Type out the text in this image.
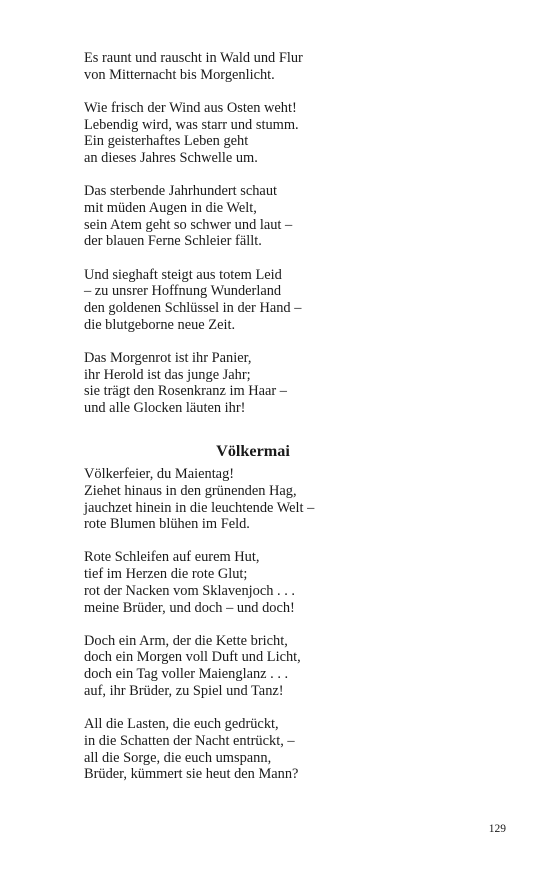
Es raunt und rauscht in Wald und Flur
von Mitternacht bis Morgenlicht.
Wie frisch der Wind aus Osten weht!
Lebendig wird, was starr und stumm.
Ein geisterhaftes Leben geht
an dieses Jahres Schwelle um.
Das sterbende Jahrhundert schaut
mit müden Augen in die Welt,
sein Atem geht so schwer und laut –
der blauen Ferne Schleier fällt.
Und sieghaft steigt aus totem Leid
– zu unsrer Hoffnung Wunderland
den goldenen Schlüssel in der Hand –
die blutgeborne neue Zeit.
Das Morgenrot ist ihr Panier,
ihr Herold ist das junge Jahr;
sie trägt den Rosenkranz im Haar –
und alle Glocken läuten ihr!
Völkermai
Völkerfeier, du Maientag!
Ziehet hinaus in den grünenden Hag,
jauchzet hinein in die leuchtende Welt –
rote Blumen blühen im Feld.
Rote Schleifen auf eurem Hut,
tief im Herzen die rote Glut;
rot der Nacken vom Sklavenjoch . . .
meine Brüder, und doch – und doch!
Doch ein Arm, der die Kette bricht,
doch ein Morgen voll Duft und Licht,
doch ein Tag voller Maienglanz . . .
auf, ihr Brüder, zu Spiel und Tanz!
All die Lasten, die euch gedrückt,
in die Schatten der Nacht entrückt, –
all die Sorge, die euch umspann,
Brüder, kümmert sie heut den Mann?
129
